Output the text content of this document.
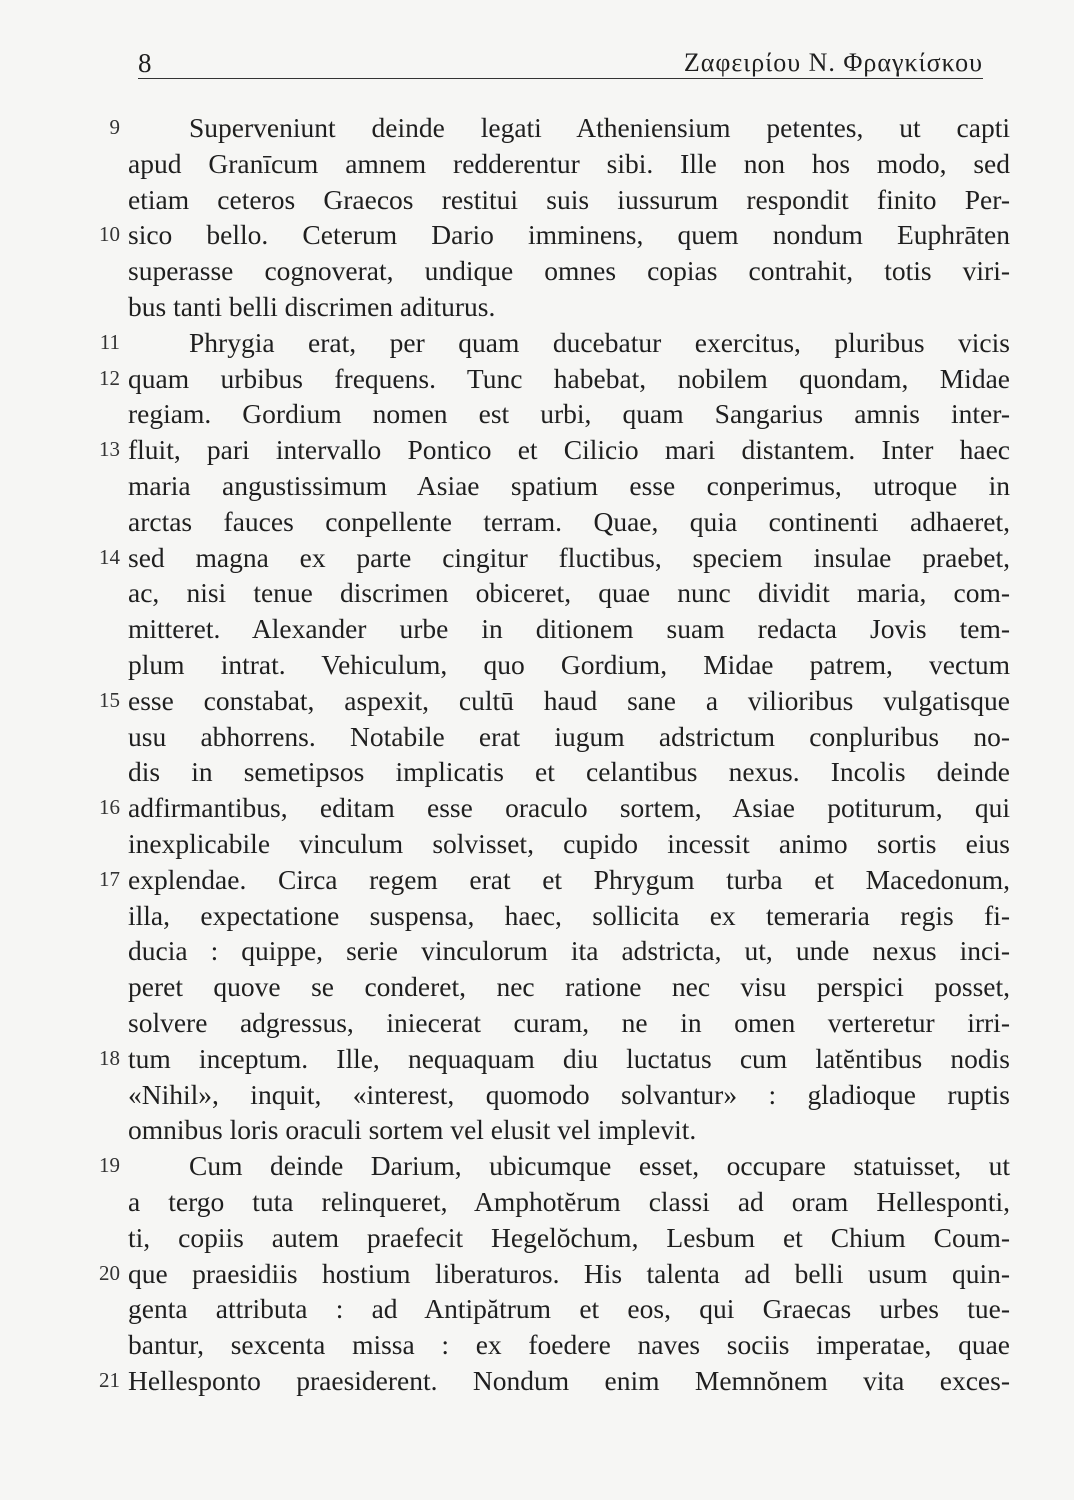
8	Ζαφειρίου Ν. Φραγκίσκου
9	Superveniunt deinde legati Atheniensium petentes, ut capti
apud Granīcum amnem redderentur sibi. Ille non hos modo, sed
etiam ceteros Graecos restitui suis iussurum respondit finito Per-
10 sico bello. Ceterum Dario imminens, quem nondum Euphrāten
superasse cognoverat, undique omnes copias contrahit, totis viri-
bus tanti belli discrimen aditurus.
11	Phrygia erat, per quam ducebatur exercitus, pluribus vicis
12 quam urbibus frequens. Tunc habebat, nobilem quondam, Midae
regiam. Gordium nomen est urbi, quam Sangarius amnis inter-
13 fluit, pari intervallo Pontico et Cilicio mari distantem. Inter haec
maria angustissimum Asiae spatium esse conperimus, utroque in
arctas fauces conpellente terram. Quae, quia continenti adhaeret,
14 sed magna ex parte cingitur fluctibus, speciem insulae praebet,
ac, nisi tenue discrimen obiceret, quae nunc dividit maria, com-
mitteret. Alexander urbe in ditionem suam redacta Jovis tem-
plum intrat. Vehiculum, quo Gordium, Midae patrem, vectum
15 esse constabat, aspexit, cultū haud sane a vilioribus vulgatisque
usu abhorrens. Notabile erat iugum adstrictum conpluribus no-
dis in semetipsos implicatis et celantibus nexus. Incolis deinde
16 adfirmantibus, editam esse oraculo sortem, Asiae potiturum, qui
inexplicabile vinculum solvisset, cupido incessit animo sortis eius
17 explendae. Circa regem erat et Phrygum turba et Macedonum,
illa, expectatione suspensa, haec, sollicita ex temeraria regis fi-
ducia : quippe, serie vinculorum ita adstricta, ut, unde nexus inci-
peret quove se conderet, nec ratione nec visu perspici posset,
solvere adgressus, iniecerat curam, ne in omen verteretur irri-
18 tum inceptum. Ille, nequaquam diu luctatus cum latĕntibus nodis
«Nihil», inquit, «interest, quomodo solvantur» : gladioque ruptis
omnibus loris oraculi sortem vel elusit vel implevit.
19	Cum deinde Darium, ubicumque esset, occupare statuisset, ut
a tergo tuta relinqueret, Amphotĕrum classi ad oram Hellesponti,
ti, copiis autem praefecit Hegelŏchum, Lesbum et Chium Coum-
20 que praesidiis hostium liberaturos. His talenta ad belli usum quin-
genta attributa : ad Antipătrum et eos, qui Graecas urbes tue-
bantur, sexcenta missa : ex foedere naves sociis imperatae, quae
21 Hellesponto praesiderent. Nondum enim Memnŏnem vita exces-
